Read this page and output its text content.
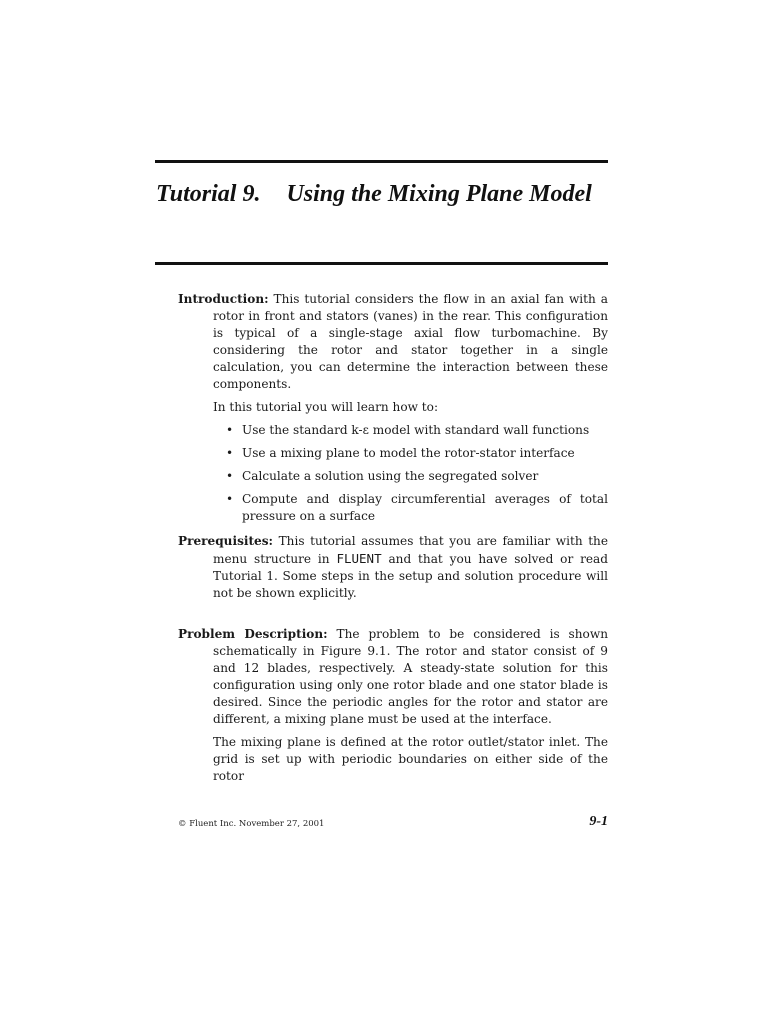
Tutorial 9. Using the Mixing Plane Model

Introduction: This tutorial considers the flow in an axial fan with a rotor in front and stators (vanes) in the rear. This configuration is typical of a single-stage axial flow turbomachine. By considering the rotor and stator together in a single calculation, you can determine the interaction between these components.

In this tutorial you will learn how to:

• Use the standard k-ε model with standard wall functions
• Use a mixing plane to model the rotor-stator interface
• Calculate a solution using the segregated solver
• Compute and display circumferential averages of total pressure on a surface

Prerequisites: This tutorial assumes that you are familiar with the menu structure in FLUENT and that you have solved or read Tutorial 1. Some steps in the setup and solution procedure will not be shown explicitly.

Problem Description: The problem to be considered is shown schematically in Figure 9.1. The rotor and stator consist of 9 and 12 blades, respectively. A steady-state solution for this configuration using only one rotor blade and one stator blade is desired. Since the periodic angles for the rotor and stator are different, a mixing plane must be used at the interface.

The mixing plane is defined at the rotor outlet/stator inlet. The grid is set up with periodic boundaries on either side of the rotor

© Fluent Inc. November 27, 2001	9-1
